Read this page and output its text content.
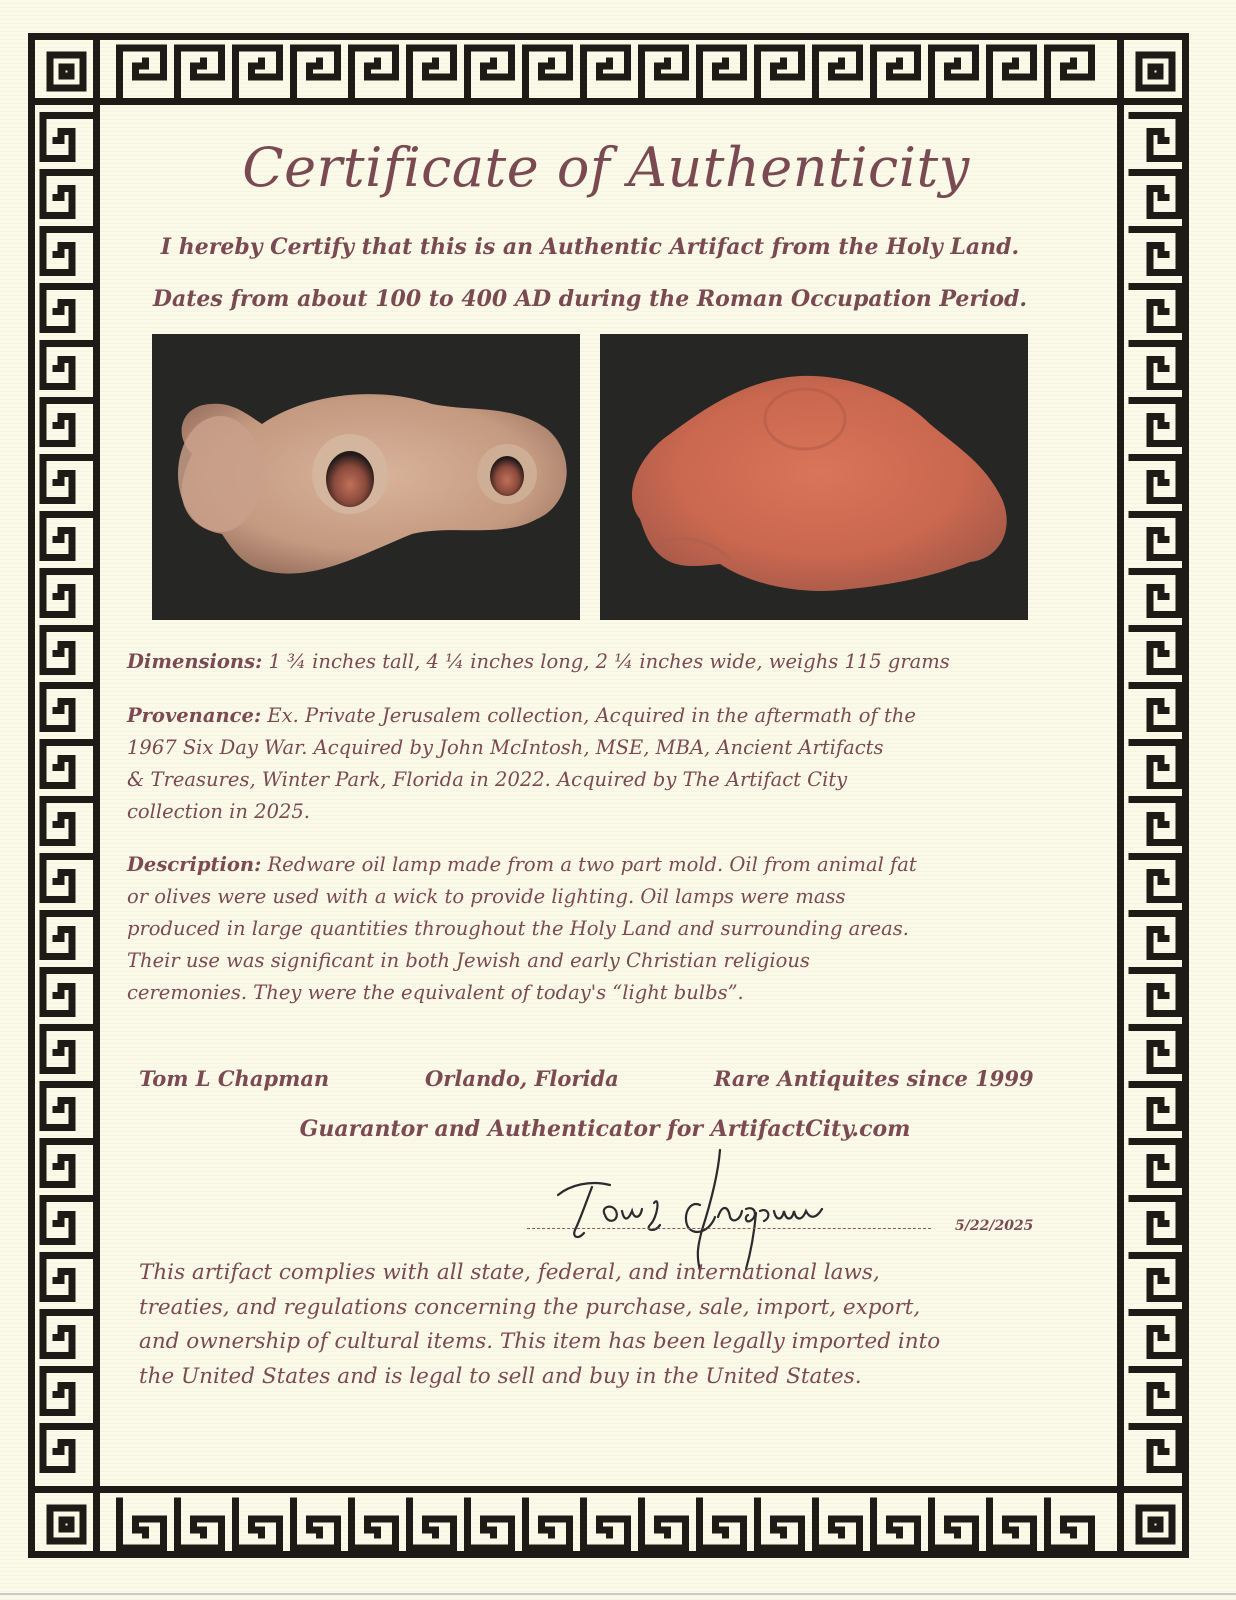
Certificate of Authenticity
I hereby Certify that this is an Authentic Artifact from the Holy Land.
Dates from about 100 to 400 AD during the Roman Occupation Period.
Dimensions: 1 ¾ inches tall, 4 ¼ inches long, 2 ¼ inches wide, weighs 115 grams
Provenance: Ex. Private Jerusalem collection, Acquired in the aftermath of the
1967 Six Day War. Acquired by John McIntosh, MSE, MBA, Ancient Artifacts
& Treasures, Winter Park, Florida in 2022. Acquired by The Artifact City
collection in 2025.
Description: Redware oil lamp made from a two part mold. Oil from animal fat
or olives were used with a wick to provide lighting. Oil lamps were mass
produced in large quantities throughout the Holy Land and surrounding areas.
Their use was significant in both Jewish and early Christian religious
ceremonies. They were the equivalent of today's “light bulbs”.
Tom L Chapman	Orlando, Florida	Rare Antiquites since 1999
Guarantor and Authenticator for ArtifactCity.com
5/22/2025
This artifact complies with all state, federal, and international laws,
treaties, and regulations concerning the purchase, sale, import, export,
and ownership of cultural items. This item has been legally imported into
the United States and is legal to sell and buy in the United States.
